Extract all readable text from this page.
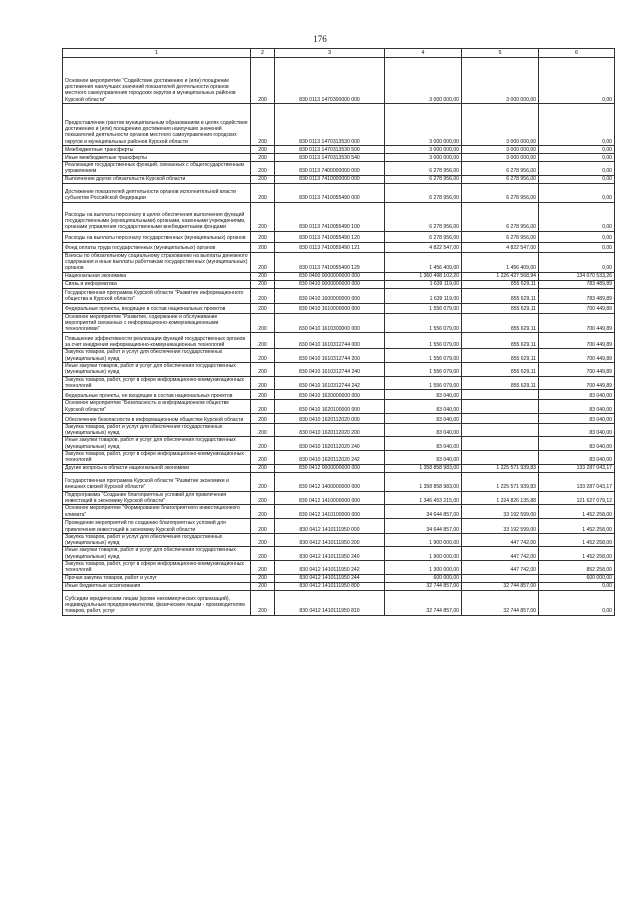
176
1	2	3	4	5	6
Основное мероприятие "Содействие достижению и (или) поощрение достижения наилучших значений показателей деятельности органов местного самоуправления городских округов и муниципальных районов Курской области"	200	830 0113 1470300000 000	3 000 000,00	3 000 000,00	0,00
Предоставление грантов муниципальным образованиям в целях содействия достижению и (или) поощрению достижения наилучших значений показателей деятельности органов местного самоуправления городских округов и муниципальных районов Курской области	200	830 0113 1470313530 000	3 000 000,00	3 000 000,00	0,00
Межбюджетные трансферты	200	830 0113 1470313530 500	3 000 000,00	3 000 000,00	0,00
Иные межбюджетные трансферты	200	830 0113 1470313530 540	3 000 000,00	3 000 000,00	0,00
Реализация государственных функций, связанных с общегосударственным управлением	200	830 0113 7400000000 000	6 278 956,00	6 278 956,00	0,00
Выполнение других обязательств Курской области	200	830 0113 7410000000 000	6 278 956,00	6 278 956,00	0,00
Достижение показателей деятельности органов исполнительной власти субъектов Российской Федерации	200	830 0113 7410055490 000	6 278 956,00	6 278 956,00	0,00
Расходы на выплаты персоналу в целях обеспечения выполнения функций государственными (муниципальными) органами, казенными учреждениями, органами управления государственными внебюджетными фондами	200	830 0113 7410055490 100	6 278 956,00	6 278 956,00	0,00
Расходы на выплаты персоналу государственных (муниципальных) органов	200	830 0113 7410055490 120	6 278 956,00	6 278 956,00	0,00
Фонд оплаты труда государственных (муниципальных) органов	200	830 0113 7410055490 121	4 822 547,00	4 822 547,00	0,00
Взносы по обязательному социальному страхованию на выплаты денежного содержания и иные выплаты работникам государственных (муниципальных) органов	200	830 0113 7410055490 129	1 456 409,00	1 456 409,00	0,00
Национальная экономика	200	830 0400 0000000000 000	1 360 498 102,20	1 226 427 568,94	134 070 533,26
Связь и информатика	200	830 0410 0000000000 000	1 639 119,00	855 629,11	783 489,89
Государственная программа Курской области "Развитие информационного общества в Курской области"	200	830 0410 1600000000 000	1 639 119,00	855 629,11	783 489,89
Федеральные проекты, входящие в состав национальных проектов	200	830 0410 1610000000 000	1 556 079,00	855 629,11	700 449,89
Основное мероприятие "Развитие, содержание и обслуживание мероприятий связанных с информационно-коммуникационными технологиями"	200	830 0410 1610300000 000	1 556 079,00	855 629,11	700 449,89
Повышение эффективности реализации функций государственных органов за счет внедрения информационно-коммуникационных технологий	200	830 0410 1610312744 000	1 556 079,00	855 629,11	700 449,89
Закупка товаров, работ и услуг для обеспечения государственных (муниципальных) нужд	200	830 0410 1610312744 200	1 556 079,00	855 629,11	700 449,89
Иные закупки товаров, работ и услуг для обеспечения государственных (муниципальных) нужд	200	830 0410 1610312744 240	1 556 079,00	855 629,11	700 449,89
Закупка товаров, работ, услуг в сфере информационно-коммуникационных технологий	200	830 0410 1610312744 242	1 556 079,00	855 629,11	700 449,89
Федеральные проекты, не входящие в состав национальных проектов	200	830 0410 1620000000 000	83 040,00		83 040,00
Основное мероприятие "Безопасность в информационном обществе Курской области"	200	830 0410 1620100000 000	83 040,00		83 040,00
Обеспечение безопасности в информационном обществе Курской области	200	830 0410 1620112020 000	83 040,00		83 040,00
Закупка товаров, работ и услуг для обеспечения государственных (муниципальных) нужд	200	830 0410 1620112020 200	83 040,00		83 040,00
Иные закупки товаров, работ и услуг для обеспечения государственных (муниципальных) нужд	200	830 0410 1620112020 240	83 040,00		83 040,00
Закупка товаров, работ, услуг в сфере информационно-коммуникационных технологий	200	830 0410 1620112020 242	83 040,00		83 040,00
Другие вопросы в области национальной экономики	200	830 0412 0000000000 000	1 358 858 983,00	1 225 571 939,83	133 287 043,17
Государственная программа Курской области "Развитие экономики и внешних связей Курской области"	200	830 0412 1400000000 000	1 358 858 983,00	1 225 571 939,83	133 287 043,17
Подпрограмма "Создание благоприятных условий для привлечения инвестиций в экономику Курской области"	200	830 0412 1410000000 000	1 346 453 215,00	1 224 826 135,88	121 627 079,12
Основное мероприятие "Формирование благоприятного инвестиционного климата"	200	830 0412 1410100000 000	34 644 857,00	33 192 599,00	1 452 258,00
Проведение мероприятий по созданию благоприятных условий для привлечения инвестиций в экономику Курской области	200	830 0412 1410111950 000	34 644 857,00	33 192 599,00	1 452 258,00
Закупка товаров, работ и услуг для обеспечения государственных (муниципальных) нужд	200	830 0412 1410111950 200	1 900 000,00	447 742,00	1 452 258,00
Иные закупки товаров, работ и услуг для обеспечения государственных (муниципальных) нужд	200	830 0412 1410111950 240	1 900 000,00	447 742,00	1 452 258,00
Закупка товаров, работ, услуг в сфере информационно-коммуникационных технологий	200	830 0412 1410111950 242	1 300 000,00	447 742,00	852 258,00
Прочая закупка товаров, работ и услуг	200	830 0412 1410111950 244	600 000,00		600 000,00
Иные бюджетные ассигнования	200	830 0412 1410111950 800	32 744 857,00	32 744 857,00	0,00
Субсидии юридическим лицам (кроме некоммерческих организаций), индивидуальным предпринимателям, физическим лицам - производителям товаров, работ, услуг	200	830 0412 1410111950 810	32 744 857,00	32 744 857,00	0,00
